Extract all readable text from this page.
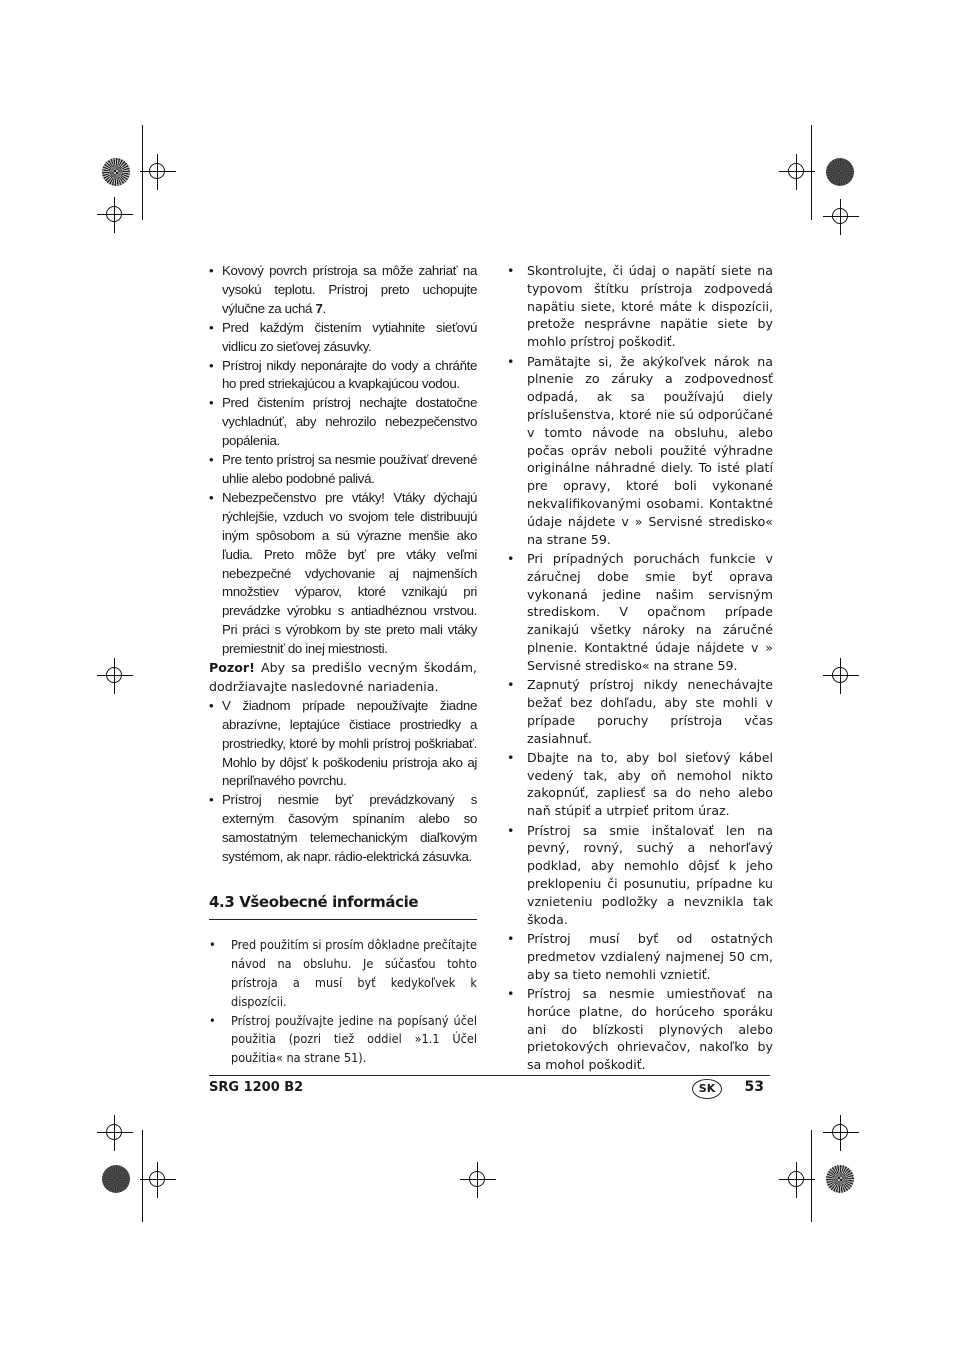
• Kovový povrch prístroja sa môže zahriať na vysokú teplotu. Prístroj preto uchopujte výlučne za uchá 7.
• Pred každým čistením vytiahnite sieťovú vidlicu zo sieťovej zásuvky.
• Prístroj nikdy neponárajte do vody a chráňte ho pred striekajúcou a kvapkajúcou vodou.
• Pred čistením prístroj nechajte dostatočne vychladnúť, aby nehrozilo nebezpečenstvo popálenia.
• Pre tento prístroj sa nesmie používať drevené uhlie alebo podobné palivá.
• Nebezpečenstvo pre vtáky! Vtáky dýchajú rýchlejšie, vzduch vo svojom tele distribuujú iným spôsobom a sú výrazne menšie ako ľudia. Preto môže byť pre vtáky veľmi nebezpečné vdychovanie aj najmenších množstiev výparov, ktoré vznikajú pri prevádzke výrobku s antiadhéznou vrstvou. Pri práci s výrobkom by ste preto mali vtáky premiestniť do inej miestnosti.
Pozor! Aby sa predišlo vecným škodám, dodržiavajte nasledovné nariadenia.
• V žiadnom prípade nepoužívajte žiadne abrazívne, leptajúce čistiace prostriedky a prostriedky, ktoré by mohli prístroj poškriabať. Mohlo by dôjsť k poškodeniu prístroja ako aj nepriľnavého povrchu.
• Prístroj nesmie byť prevádzkovaný s externým časovým spínaním alebo so samostatným telemechanickým diaľkovým systémom, ak napr. rádio-elektrická zásuvka.
4.3 Všeobecné informácie
• Pred použitím si prosím dôkladne prečítajte návod na obsluhu. Je súčasťou tohto prístroja a musí byť kedykoľvek k dispozícii.
• Prístroj používajte jedine na popísaný účel použitia (pozri tiež oddiel »1.1 Účel použitia« na strane 51).
• Skontrolujte, či údaj o napätí siete na typovom štítku prístroja zodpovedá napätiu siete, ktoré máte k dispozícii, pretože nesprávne napätie siete by mohlo prístroj poškodiť.
• Pamätajte si, že akýkoľvek nárok na plnenie zo záruky a zodpovednosť odpadá, ak sa používajú diely príslušenstva, ktoré nie sú odporúčané v tomto návode na obsluhu, alebo počas opráv neboli použité výhradne originálne náhradné diely. To isté platí pre opravy, ktoré boli vykonané nekvalifikovanými osobami. Kontaktné údaje nájdete v » Servisné stredisko« na strane 59.
• Pri prípadných poruchách funkcie v záručnej dobe smie byť oprava vykonaná jedine našim servisným strediskom. V opačnom prípade zanikajú všetky nároky na záručné plnenie. Kontaktné údaje nájdete v » Servisné stredisko« na strane 59.
• Zapnutý prístroj nikdy nenechávajte bežať bez dohľadu, aby ste mohli v prípade poruchy prístroja včas zasiahnuť.
• Dbajte na to, aby bol sieťový kábel vedený tak, aby oň nemohol nikto zakopnúť, zapliesť sa do neho alebo naň stúpiť a utrpieť pritom úraz.
• Prístroj sa smie inštalovať len na pevný, rovný, suchý a nehorľavý podklad, aby nemohlo dôjsť k jeho preklopeniu či posunutiu, prípadne ku vznieteniu podložky a nevznikla tak škoda.
• Prístroj musí byť od ostatných predmetov vzdialený najmenej 50 cm, aby sa tieto nemohli vznietiť.
• Prístroj sa nesmie umiestňovať na horúce platne, do horúceho sporáku ani do blízkosti plynových alebo prietokových ohrievačov, nakoľko by sa mohol poškodiť.
SRG 1200 B2	SK	53
